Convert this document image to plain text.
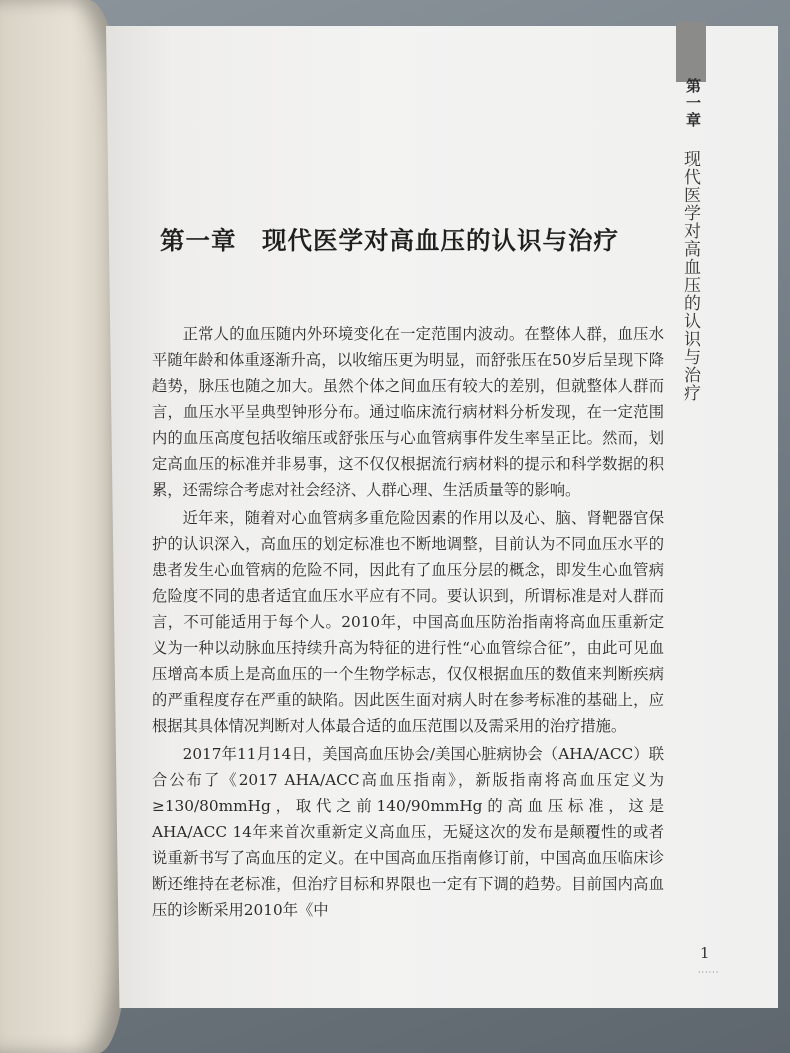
第一章
现代医学对高血压的认识与治疗
第一章　现代医学对高血压的认识与治疗

正常人的血压随内外环境变化在一定范围内波动。在整体人群，血压水平随年龄和体重逐渐升高，以收缩压更为明显，而舒张压在50岁后呈现下降趋势，脉压也随之加大。虽然个体之间血压有较大的差别，但就整体人群而言，血压水平呈典型钟形分布。通过临床流行病材料分析发现，在一定范围内的血压高度包括收缩压或舒张压与心血管病事件发生率呈正比。然而，划定高血压的标准并非易事，这不仅仅根据流行病材料的提示和科学数据的积累，还需综合考虑对社会经济、人群心理、生活质量等的影响。

近年来，随着对心血管病多重危险因素的作用以及心、脑、肾靶器官保护的认识深入，高血压的划定标准也不断地调整，目前认为不同血压水平的患者发生心血管病的危险不同，因此有了血压分层的概念，即发生心血管病危险度不同的患者适宜血压水平应有不同。要认识到，所谓标准是对人群而言，不可能适用于每个人。2010年，中国高血压防治指南将高血压重新定义为一种以动脉血压持续升高为特征的进行性“心血管综合征”，由此可见血压增高本质上是高血压的一个生物学标志，仅仅根据血压的数值来判断疾病的严重程度存在严重的缺陷。因此医生面对病人时在参考标准的基础上，应根据其具体情况判断对人体最合适的血压范围以及需采用的治疗措施。

2017年11月14日，美国高血压协会/美国心脏病协会（AHA/ACC）联合公布了《2017 AHA/ACC高血压指南》，新版指南将高血压定义为≥130/80mmHg，取代之前140/90mmHg的高血压标准，这是AHA/ACC 14年来首次重新定义高血压，无疑这次的发布是颠覆性的或者说重新书写了高血压的定义。在中国高血压指南修订前，中国高血压临床诊断还维持在老标准，但治疗目标和界限也一定有下调的趋势。目前国内高血压的诊断采用2010年《中

1
······
